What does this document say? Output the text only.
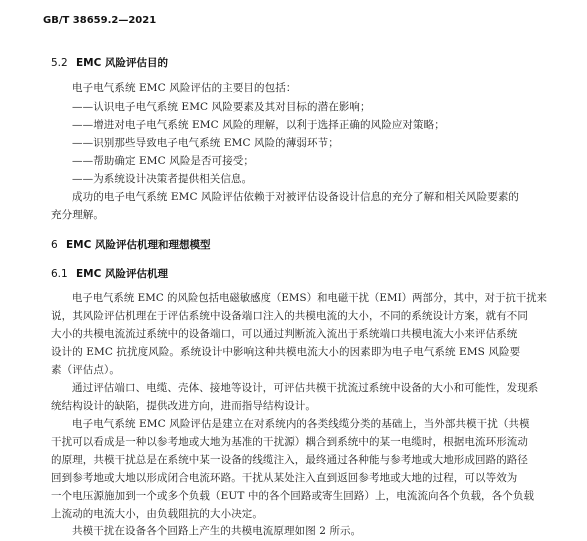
GB/T 38659.2—2021
5.2 EMC 风险评估目的
电子电气系统 EMC 风险评估的主要目的包括：
——认识电子电气系统 EMC 风险要素及其对目标的潜在影响；
——增进对电子电气系统 EMC 风险的理解，以利于选择正确的风险应对策略；
——识别那些导致电子电气系统 EMC 风险的薄弱环节；
——帮助确定 EMC 风险是否可接受；
——为系统设计决策者提供相关信息。
成功的电子电气系统 EMC 风险评估依赖于对被评估设备设计信息的充分了解和相关风险要素的
充分理解。
6 EMC 风险评估机理和理想模型
6.1 EMC 风险评估机理
电子电气系统 EMC 的风险包括电磁敏感度（EMS）和电磁干扰（EMI）两部分，其中，对于抗干扰来
说，其风险评估机理在于评估系统中设备端口注入的共模电流的大小，不同的系统设计方案，就有不同
大小的共模电流流过系统中的设备端口，可以通过判断流入流出于系统端口共模电流大小来评估系统
设计的 EMC 抗扰度风险。系统设计中影响这种共模电流大小的因素即为电子电气系统 EMS 风险要
素（评估点）。
通过评估端口、电缆、壳体、接地等设计，可评估共模干扰流过系统中设备的大小和可能性，发现系
统结构设计的缺陷，提供改进方向，进而指导结构设计。
电子电气系统 EMC 风险评估是建立在对系统内的各类线缆分类的基础上，当外部共模干扰（共模
干扰可以看成是一种以参考地或大地为基准的干扰源）耦合到系统中的某一电缆时，根据电流环形流动
的原理，共模干扰总是在系统中某一设备的线缆注入，最终通过各种能与参考地或大地形成回路的路径
回到参考地或大地以形成闭合电流环路。干扰从某处注入直到返回参考地或大地的过程，可以等效为
一个电压源施加到一个或多个负载（EUT 中的各个回路或寄生回路）上，电流流向各个负载，各个负载
上流动的电流大小，由负载阻抗的大小决定。
共模干扰在设备各个回路上产生的共模电流原理如图 2 所示。
